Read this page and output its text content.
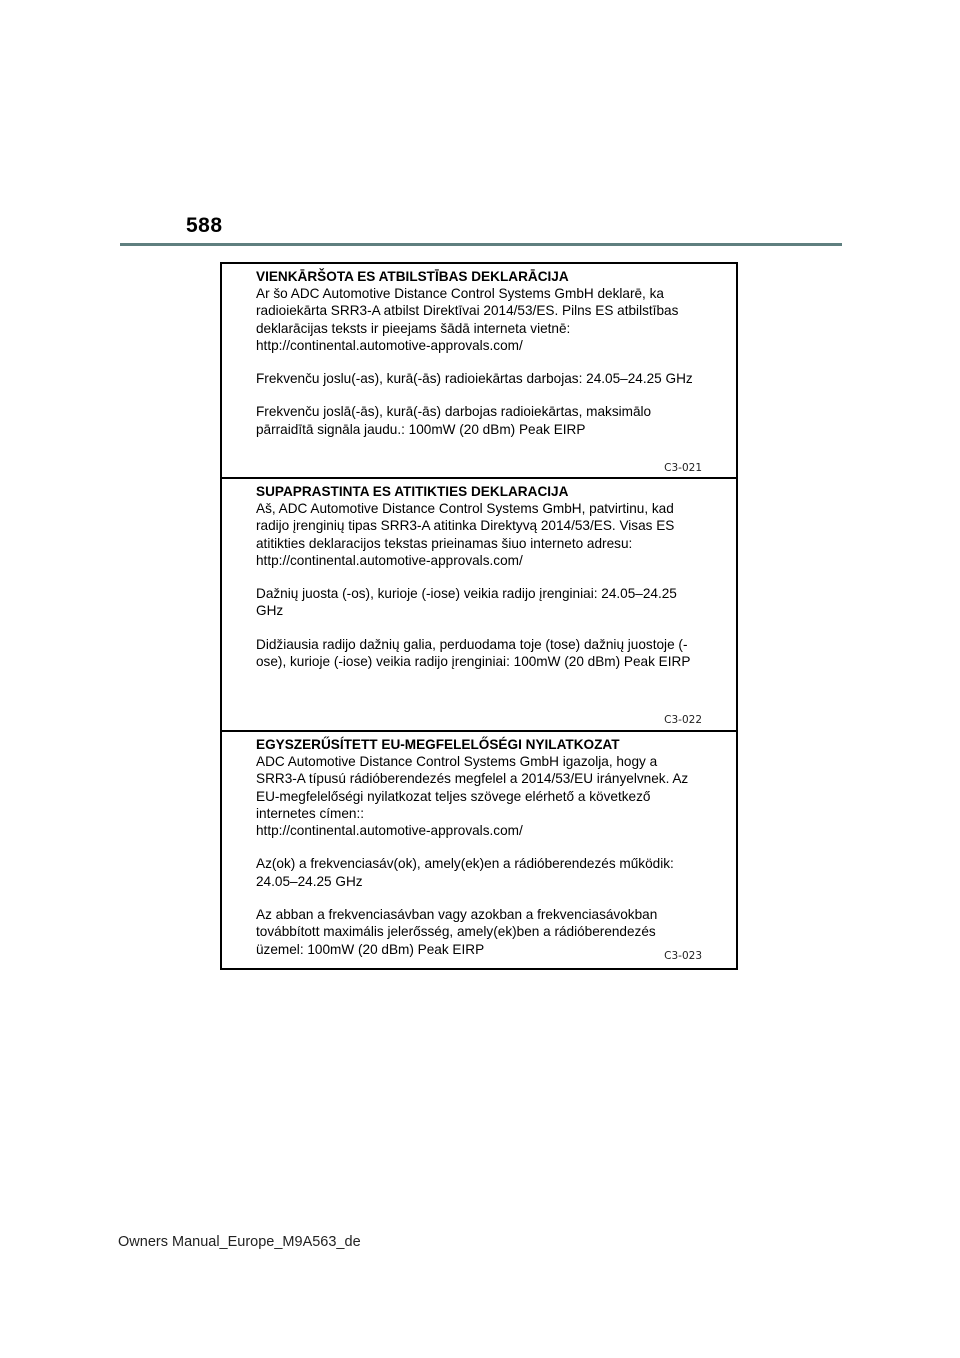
588
VIENKĀRŠOTA ES ATBILSTĪBAS DEKLARĀCIJA

Ar šo ADC Automotive Distance Control Systems GmbH deklarē, ka

radioiekārta SRR3-A atbilst Direktīvai 2014/53/ES. Pilns ES atbilstības

deklarācijas teksts ir pieejams šādā interneta vietnē:

http://continental.automotive-approvals.com/

Frekvenču joslu(-as), kurā(-ās) radioiekārtas darbojas: 24.05–24.25 GHz

Frekvenču joslā(-ās), kurā(-ās) darbojas radioiekārtas, maksimālo

pārraidītā signāla jaudu.: 100mW (20 dBm) Peak EIRP

C3-021
SUPAPRASTINTA ES ATITIKTIES DEKLARACIJA

Aš, ADC Automotive Distance Control Systems GmbH, patvirtinu, kad

radijo įrenginių tipas SRR3-A atitinka Direktyvą 2014/53/ES. Visas ES

atitikties deklaracijos tekstas prieinamas šiuo interneto adresu:

http://continental.automotive-approvals.com/

Dažnių juosta (-os), kurioje (-iose) veikia radijo įrenginiai: 24.05–24.25

GHz

Didžiausia radijo dažnių galia, perduodama toje (tose) dažnių juostoje (-

ose), kurioje (-iose) veikia radijo įrenginiai: 100mW (20 dBm) Peak EIRP

C3-022
EGYSZERŰSÍTETT EU-MEGFELELŐSÉGI NYILATKOZAT

ADC Automotive Distance Control Systems GmbH igazolja, hogy a

SRR3-A típusú rádióberendezés megfelel a 2014/53/EU irányelvnek. Az

EU-megfelelőségi nyilatkozat teljes szövege elérhető a következő

internetes címen::

http://continental.automotive-approvals.com/

Az(ok) a frekvenciasáv(ok), amely(ek)en a rádióberendezés működik:

24.05–24.25 GHz

Az abban a frekvenciasávban vagy azokban a frekvenciasávokban

továbbított maximális jelerősség, amely(ek)ben a rádióberendezés

üzemel: 100mW (20 dBm) Peak EIRP	C3-023
Owners Manual_Europe_M9A563_de
